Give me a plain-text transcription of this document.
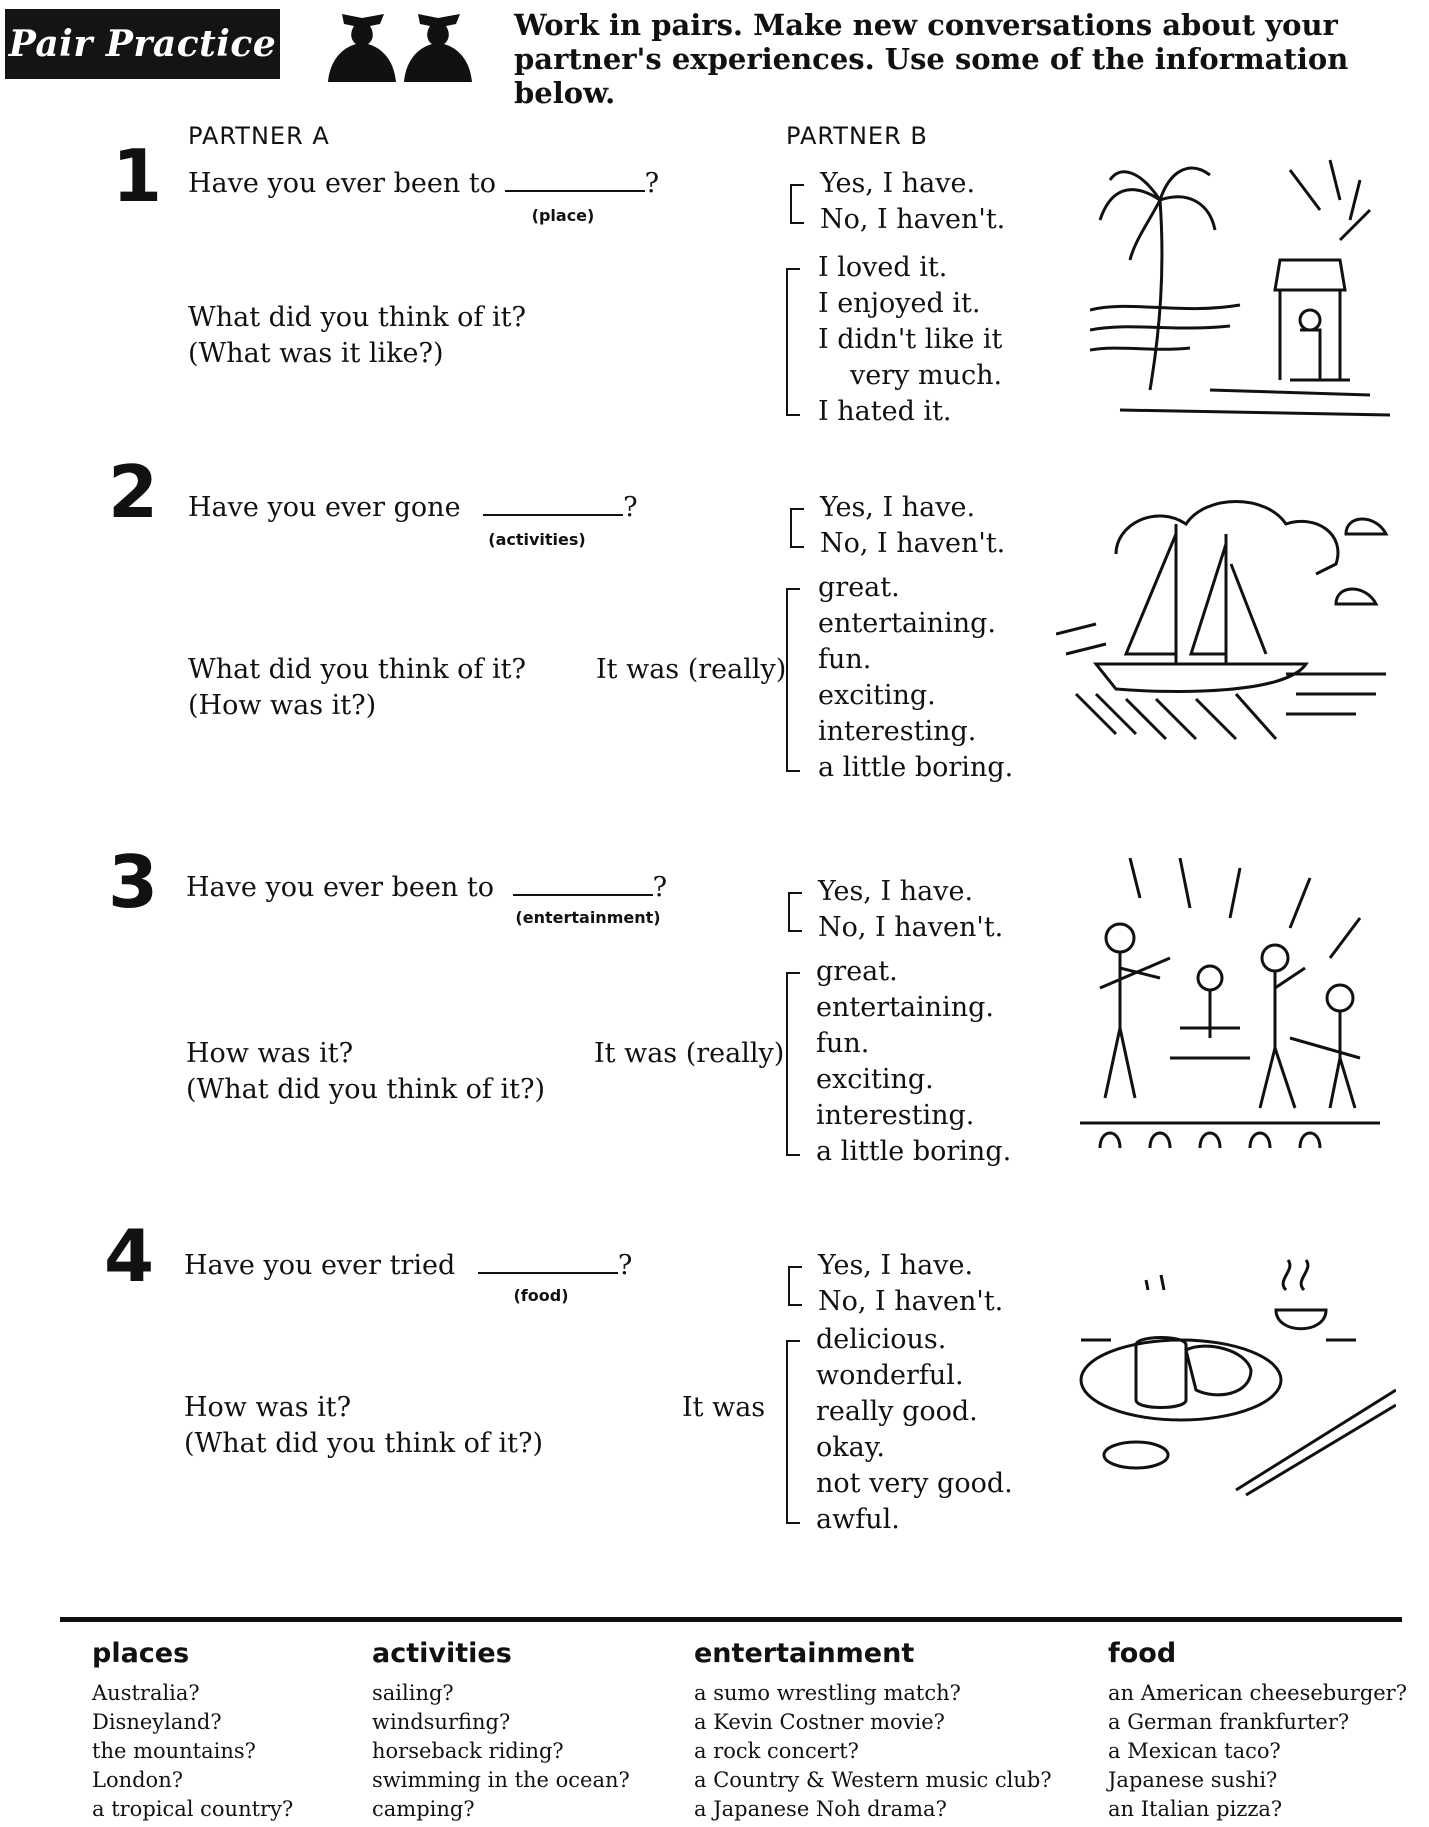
Pair Practice	Work in pairs. Make new conversations about your
partner's experiences. Use some of the information below.
PARTNER A	PARTNER B
1 Have you ever been to	?
(place)
What did you think of it?
(What was it like?)
Yes, I have.
No, I haven't.
I loved it.
I enjoyed it.
I didn't like it
very much.
I hated it.
2 Have you ever gone	?
(activities)
What did you think of it?
(How was it?)
It was (really)
Yes, I have.
No, I haven't.
great.
entertaining.
fun.
exciting.
interesting.
a little boring.
3 Have you ever been to	?
(entertainment)
How was it?
(What did you think of it?)
It was (really)
Yes, I have.
No, I haven't.
great.
entertaining.
fun.
exciting.
interesting.
a little boring.
4 Have you ever tried	?
(food)
How was it?
(What did you think of it?)
It was
Yes, I have.
No, I haven't.
delicious.
wonderful.
really good.
okay.
not very good.
awful.
places
Australia?
Disneyland?
the mountains?
London?
a tropical country?
activities
sailing?
windsurfing?
horseback riding?
swimming in the ocean?
camping?
entertainment
a sumo wrestling match?
a Kevin Costner movie?
a rock concert?
a Country & Western music club?
a Japanese Noh drama?
food
an American cheeseburger?
a German frankfurter?
a Mexican taco?
Japanese sushi?
an Italian pizza?
